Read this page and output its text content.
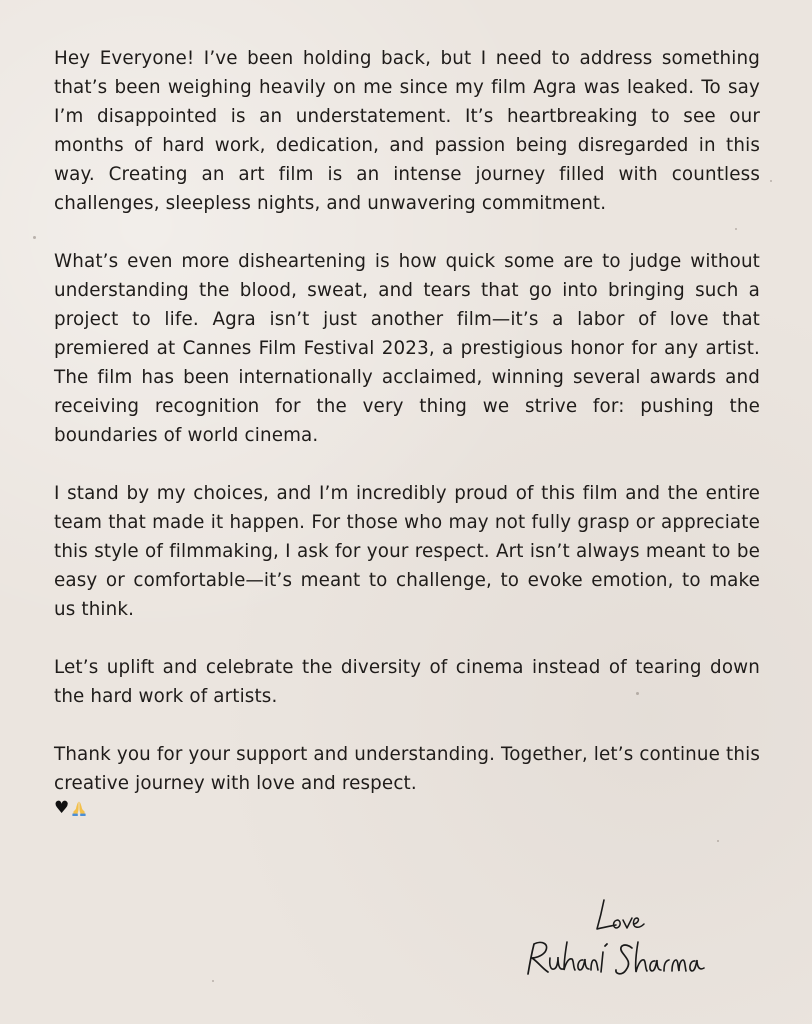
Hey Everyone! I’ve been holding back, but I need to address something that’s been weighing heavily on me since my film Agra was leaked. To say I’m disappointed is an understatement. It’s heartbreaking to see our months of hard work, dedication, and passion being disregarded in this way. Creating an art film is an intense journey filled with countless challenges, sleepless nights, and unwavering commitment.

What’s even more disheartening is how quick some are to judge without understanding the blood, sweat, and tears that go into bringing such a project to life. Agra isn’t just another film—it’s a labor of love that premiered at Cannes Film Festival 2023, a prestigious honor for any artist. The film has been internationally acclaimed, winning several awards and receiving recognition for the very thing we strive for: pushing the boundaries of world cinema.

I stand by my choices, and I’m incredibly proud of this film and the entire team that made it happen. For those who may not fully grasp or appreciate this style of filmmaking, I ask for your respect. Art isn’t always meant to be easy or comfortable—it’s meant to challenge, to evoke emotion, to make us think.

Let’s uplift and celebrate the diversity of cinema instead of tearing down the hard work of artists.

Thank you for your support and understanding. Together, let’s continue this creative journey with love and respect.

♥
